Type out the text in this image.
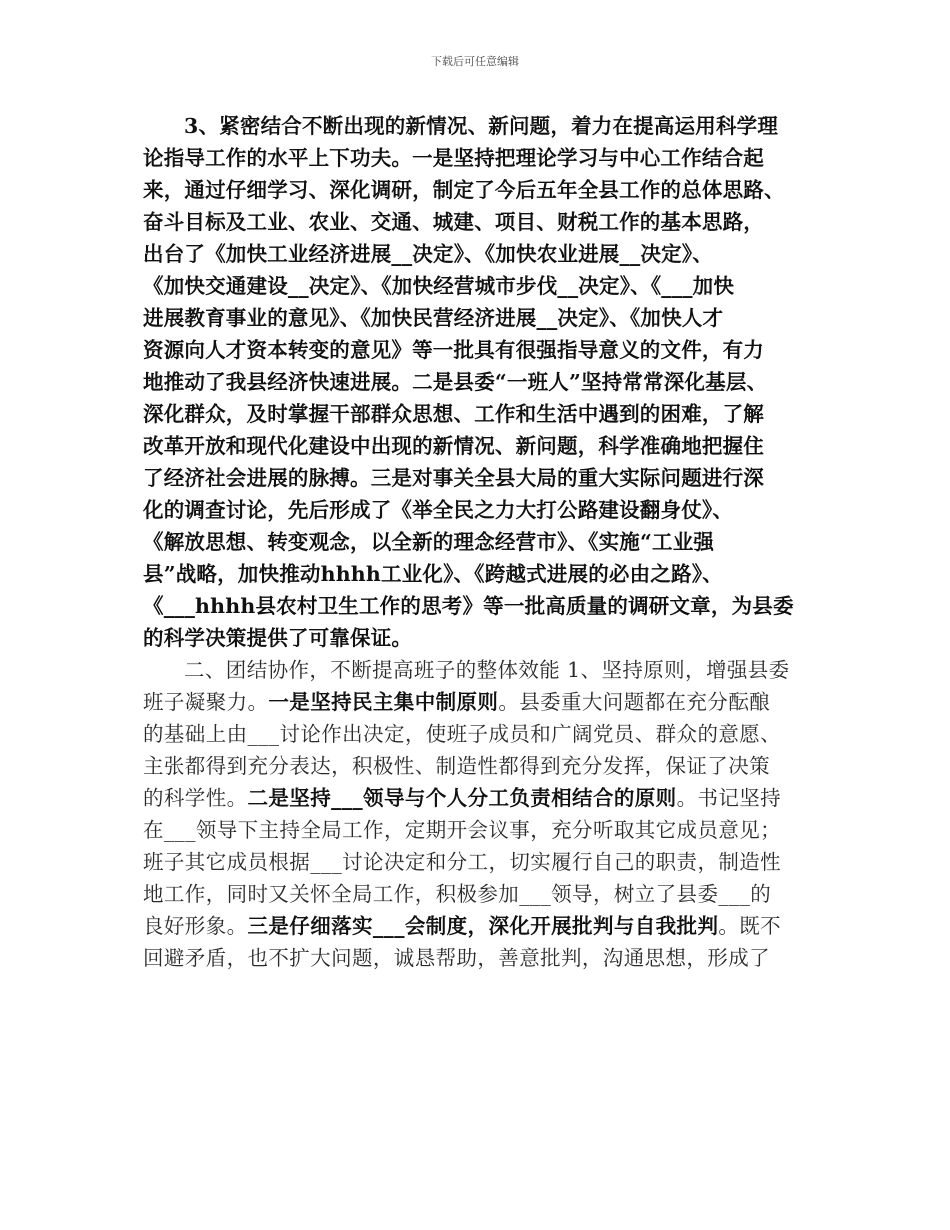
下载后可任意编辑

3、紧密结合不断出现的新情况、新问题，着力在提高运用科学理
论指导工作的水平上下功夫。一是坚持把理论学习与中心工作结合起
来，通过仔细学习、深化调研，制定了今后五年全县工作的总体思路、
奋斗目标及工业、农业、交通、城建、项目、财税工作的基本思路，
出台了《加快工业经济进展__决定》、《加快农业进展__决定》、
《加快交通建设__决定》、《加快经营城市步伐__决定》、《___加快
进展教育事业的意见》、《加快民营经济进展__决定》、《加快人才
资源向人才资本转变的意见》等一批具有很强指导意义的文件，有力
地推动了我县经济快速进展。二是县委“一班人”坚持常常深化基层、
深化群众，及时掌握干部群众思想、工作和生活中遇到的困难，了解
改革开放和现代化建设中出现的新情况、新问题，科学准确地把握住
了经济社会进展的脉搏。三是对事关全县大局的重大实际问题进行深
化的调查讨论，先后形成了《举全民之力大打公路建设翻身仗》、
《解放思想、转变观念，以全新的理念经营市》、《实施“工业强
县”战略，加快推动hhhh工业化》、《跨越式进展的必由之路》、
《___hhhh县农村卫生工作的思考》等一批高质量的调研文章，为县委
的科学决策提供了可靠保证。

二、团结协作，不断提高班子的整体效能 1、坚持原则，增强县委
班子凝聚力。一是坚持民主集中制原则。县委重大问题都在充分酝酿
的基础上由___讨论作出决定，使班子成员和广阔党员、群众的意愿、
主张都得到充分表达，积极性、制造性都得到充分发挥，保证了决策
的科学性。二是坚持___领导与个人分工负责相结合的原则。书记坚持
在___领导下主持全局工作，定期开会议事，充分听取其它成员意见；
班子其它成员根据___讨论决定和分工，切实履行自己的职责，制造性
地工作，同时又关怀全局工作，积极参加___领导，树立了县委___的
良好形象。三是仔细落实___会制度，深化开展批判与自我批判。既不
回避矛盾，也不扩大问题，诚恳帮助，善意批判，沟通思想，形成了
